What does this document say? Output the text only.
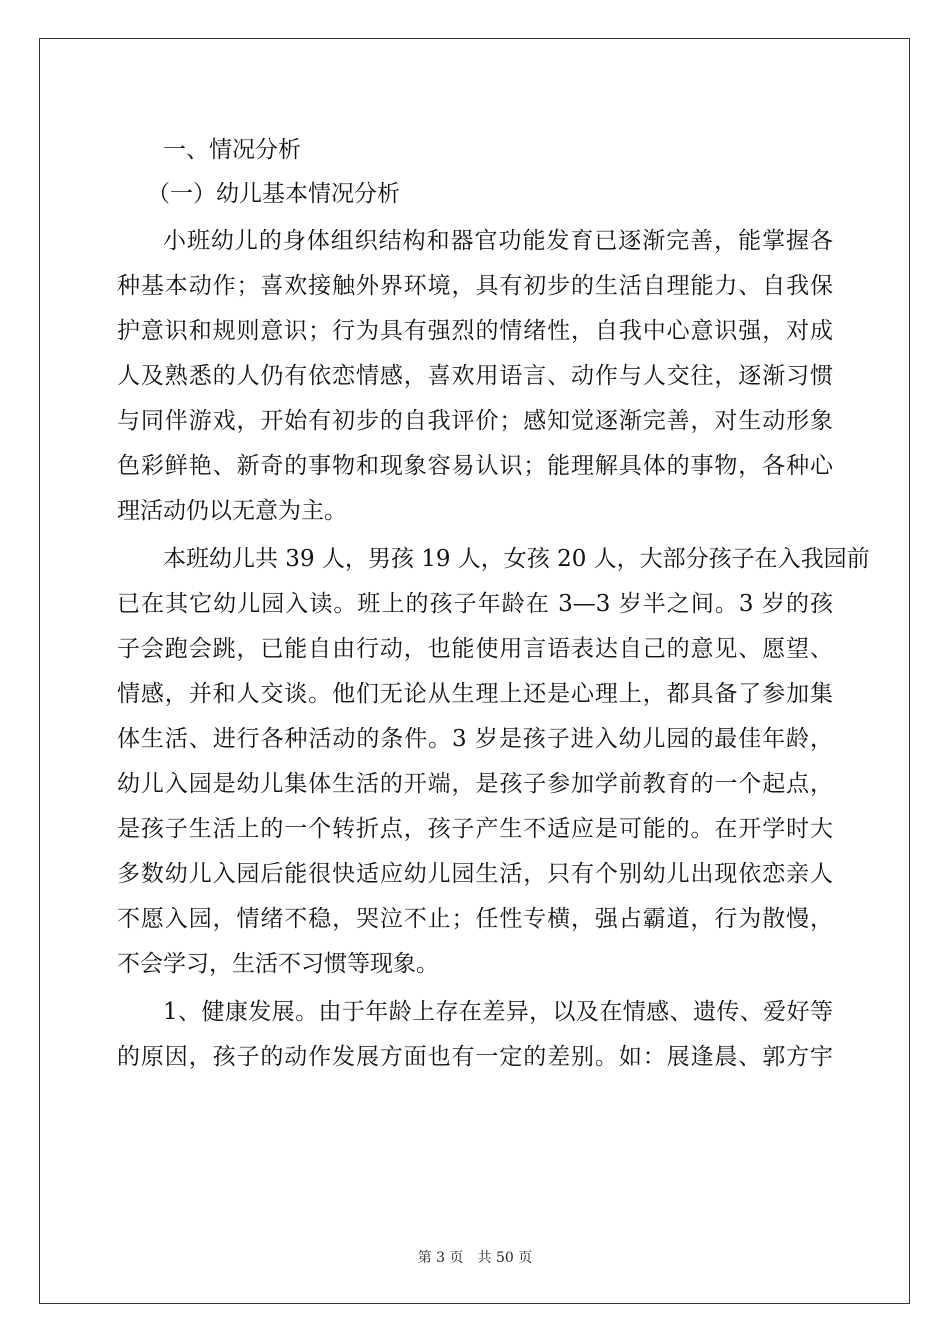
一、情况分析
（一）幼儿基本情况分析
小班幼儿的身体组织结构和器官功能发育已逐渐完善，能掌握各
种基本动作；喜欢接触外界环境，具有初步的生活自理能力、自我保
护意识和规则意识；行为具有强烈的情绪性，自我中心意识强，对成
人及熟悉的人仍有依恋情感，喜欢用语言、动作与人交往，逐渐习惯
与同伴游戏，开始有初步的自我评价；感知觉逐渐完善，对生动形象
色彩鲜艳、新奇的事物和现象容易认识；能理解具体的事物，各种心
理活动仍以无意为主。
本班幼儿共 39 人，男孩 19 人，女孩 20 人，大部分孩子在入我园前
已在其它幼儿园入读。班上的孩子年龄在 3—3 岁半之间。3 岁的孩
子会跑会跳，已能自由行动，也能使用言语表达自己的意见、愿望、
情感，并和人交谈。他们无论从生理上还是心理上，都具备了参加集
体生活、进行各种活动的条件。3 岁是孩子进入幼儿园的最佳年龄，
幼儿入园是幼儿集体生活的开端，是孩子参加学前教育的一个起点，
是孩子生活上的一个转折点，孩子产生不适应是可能的。在开学时大
多数幼儿入园后能很快适应幼儿园生活，只有个别幼儿出现依恋亲人
不愿入园，情绪不稳，哭泣不止；任性专横，强占霸道，行为散慢，
不会学习，生活不习惯等现象。
1、健康发展。由于年龄上存在差异，以及在情感、遗传、爱好等
的原因，孩子的动作发展方面也有一定的差别。如：展逢晨、郭方宇
第 3 页　共 50 页
